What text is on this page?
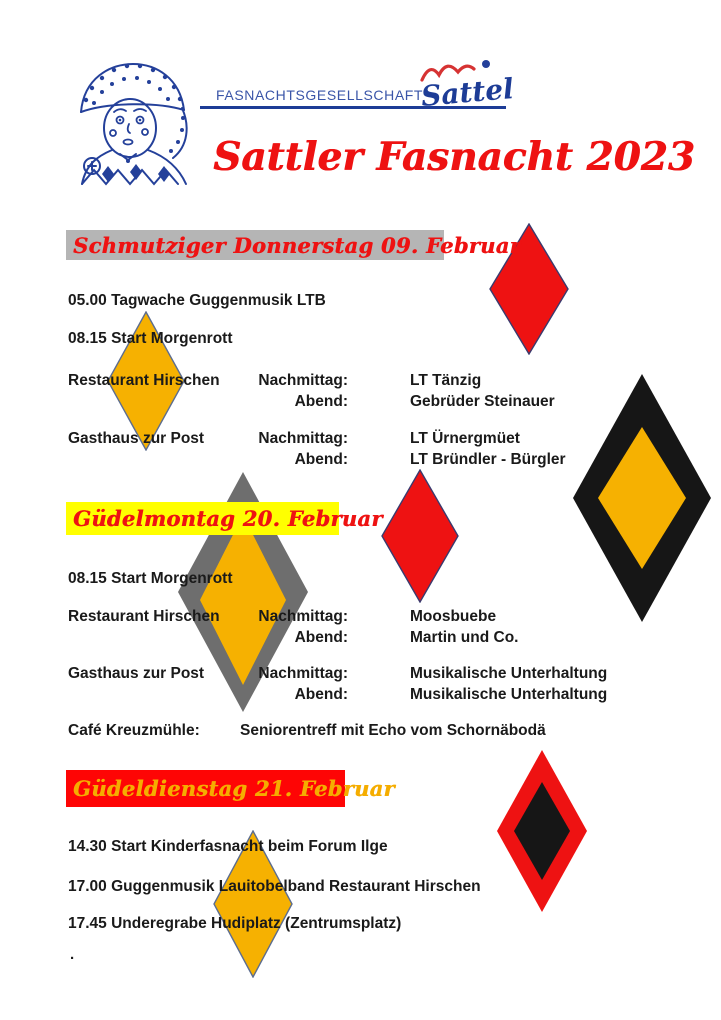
FASNACHTSGESELLSCHAFT
Sattel
Sattler Fasnacht 2023
Schmutziger Donnerstag 09. Februar
05.00 Tagwache Guggenmusik LTB
08.15 Start Morgenrott
Restaurant Hirschen	Nachmittag:	LT Tänzig
Abend:	Gebrüder Steinauer
Gasthaus zur Post	Nachmittag:	LT Ürnergmüet
Abend:	LT Bründler - Bürgler
Güdelmontag 20. Februar
08.15 Start Morgenrott
Restaurant Hirschen	Nachmittag:	Moosbuebe
Abend:	Martin und Co.
Gasthaus zur Post	Nachmittag:	Musikalische Unterhaltung
Abend:	Musikalische Unterhaltung
Café Kreuzmühle:	Seniorentreff mit Echo vom Schornäbodä
Güdeldienstag 21. Februar
14.30 Start Kinderfasnacht beim Forum Ilge
17.00 Guggenmusik Lauitobelband Restaurant Hirschen
17.45 Underegrabe Hudiplatz (Zentrumsplatz)
.
